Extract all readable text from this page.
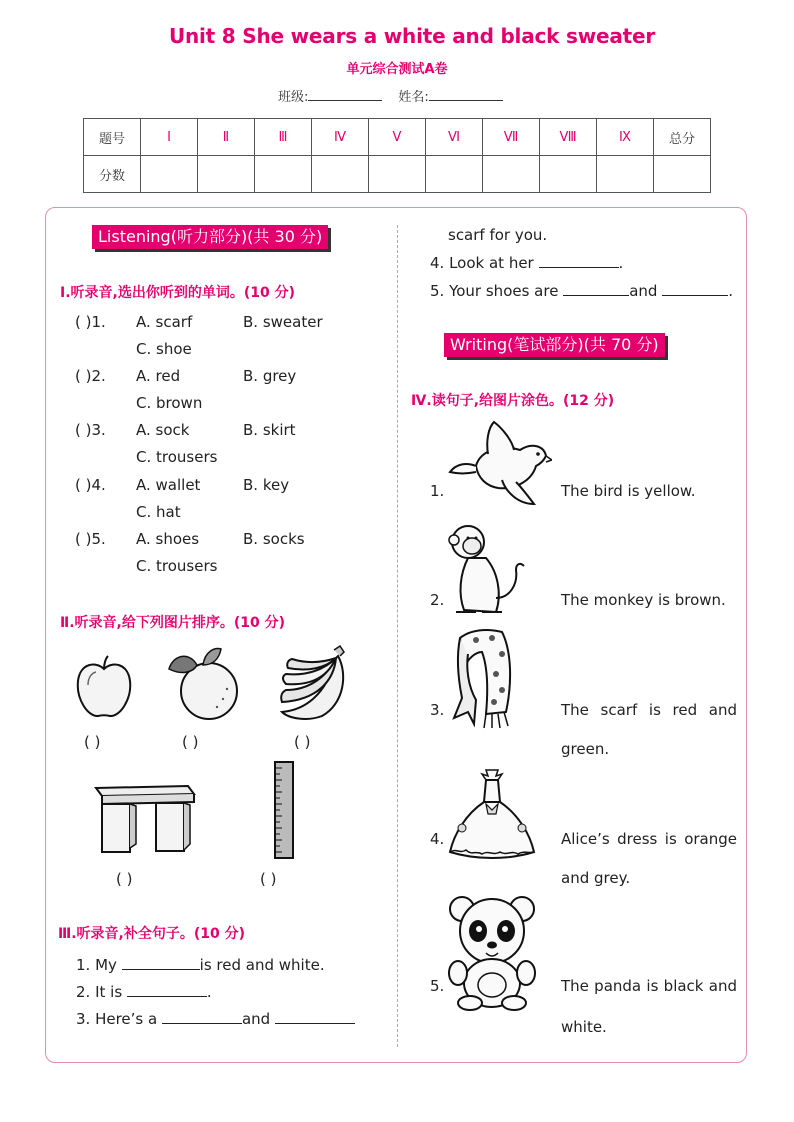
Unit 8 She wears a white and black sweater
单元综合测试A卷
班级:	姓名:
题号	Ⅰ	Ⅱ	Ⅲ	Ⅳ	Ⅴ	Ⅵ	Ⅶ	Ⅷ	Ⅸ	总分
分数										
Listening(听力部分)(共 30 分)
Ⅰ.听录音,选出你听到的单词。(10 分)
( )1. A. scarf	B. sweater
C. shoe
( )2. A. red	B. grey
C. brown
( )3. A. sock	B. skirt
C. trousers
( )4. A. wallet	B. key
C. hat
( )5. A. shoes	B. socks
C. trousers
Ⅱ.听录音,给下列图片排序。(10 分)
( )	( )	( )
( )	( )
Ⅲ.听录音,补全句子。(10 分)
1. My	is red and white.
2. It is	.
3. Here’s a	and
scarf for you.
4. Look at her	.
5. Your shoes are	and	.
Writing(笔试部分)(共 70 分)
Ⅳ.读句子,给图片涂色。(12 分)
1.	The bird is yellow.
2.	The monkey is brown.
3.	The scarf is red and
green.
4.	Alice’s dress is orange
and grey.
5.	The panda is black and
white.
